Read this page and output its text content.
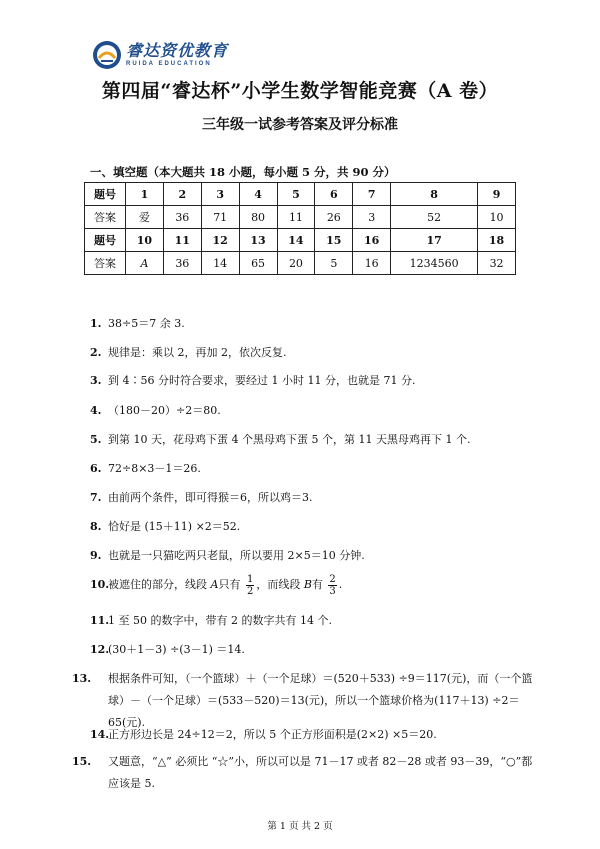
睿达资优教育
RUIDA EDUCATION
第四届“睿达杯”小学生数学智能竞赛（A 卷）
三年级一试参考答案及评分标准
一、填空题（本大题共 18 小题，每小题 5 分，共 90 分）
题号	1	2	3	4	5	6	7	8	9
答案	爱	36	71	80	11	26	3	52	10
题号	10	11	12	13	14	15	16	17	18
答案	A	36	14	65	20	5	16	1234560	32
1. 38÷5＝7 余 3.
2. 规律是：乘以 2，再加 2，依次反复.
3. 到 4∶56 分时符合要求，要经过 1 小时 11 分，也就是 71 分.
4. （180－20）÷2＝80.
5. 到第 10 天，花母鸡下蛋 4 个黑母鸡下蛋 5 个，第 11 天黑母鸡再下 1 个.
6. 72÷8×3－1＝26.
7. 由前两个条件，即可得猴＝6，所以鸡＝3.
8. 恰好是 (15＋11) ×2＝52.
9. 也就是一只猫吃两只老鼠，所以要用 2×5＝10 分钟.
10.被遮住的部分，线段 A只有 $\frac{1}{2}$ ，而线段 B有 $\frac{2}{3}$ .
11.1 至 50 的数字中，带有 2 的数字共有 14 个.
12.(30＋1－3) ÷(3－1) ＝14.
13. 根据条件可知，（一个篮球）＋（一个足球）＝(520＋533) ÷9＝117(元)，而（一个篮球）－（一个足球）＝(533－520)＝13(元)，所以一个篮球价格为(117＋13) ÷2＝65(元).
14.正方形边长是 24÷12＝2，所以 5 个正方形面积是(2×2) ×5＝20.
15. 又题意，“△” 必须比 “☆”小，所以可以是 71－17 或者 82－28 或者 93－39，“○”都应该是 5.
第 1 页 共 2 页
